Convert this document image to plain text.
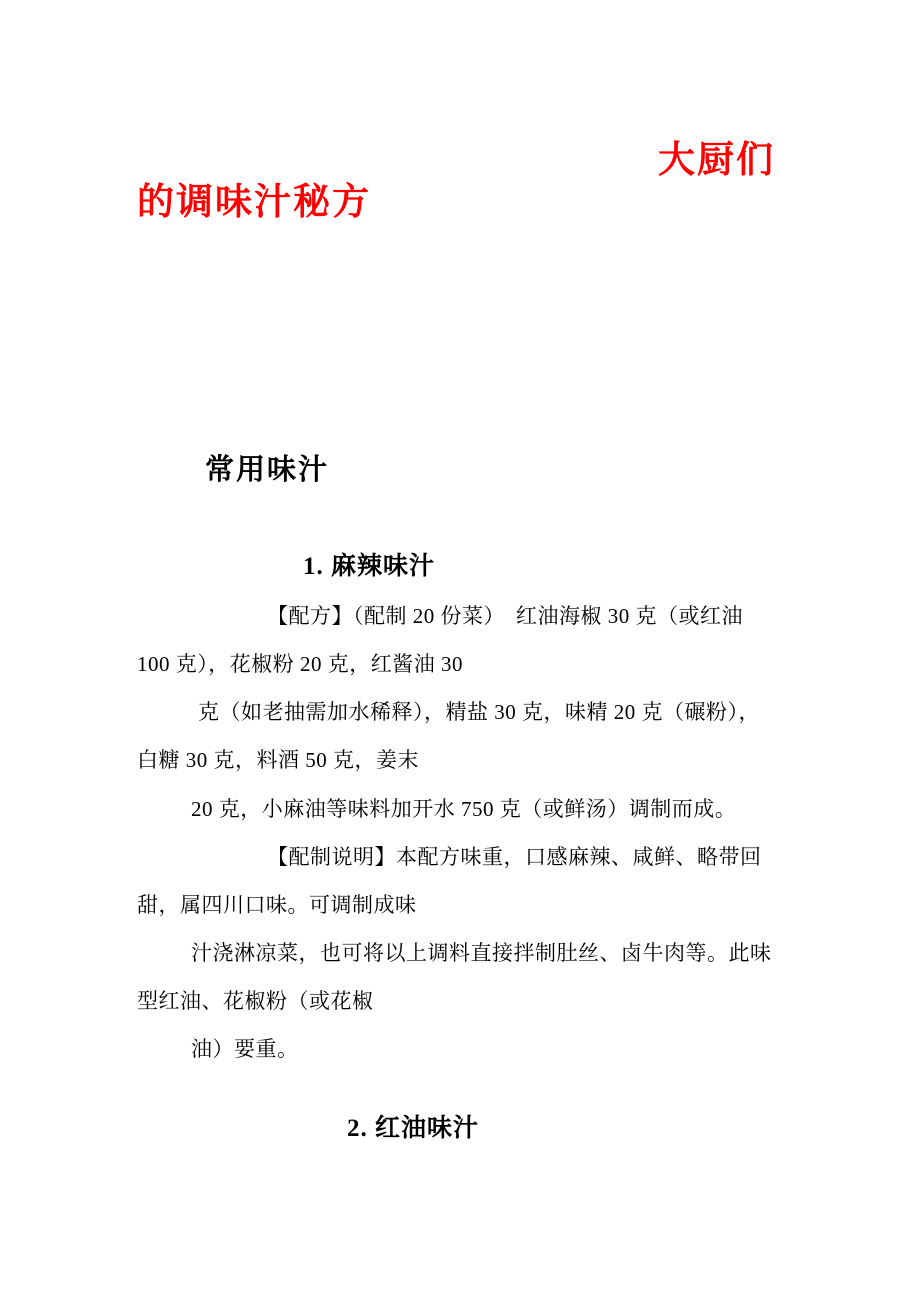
大厨们
的调味汁秘方
常用味汁
1. 麻辣味汁
【配方】（配制 20 份菜）　红油海椒 30 克（或红油
100 克），花椒粉 20 克，红酱油 30
克（如老抽需加水稀释），精盐 30 克，味精 20 克（碾粉），
白糖 30 克，料酒 50 克，姜末
20 克，小麻油等味料加开水 750 克（或鲜汤）调制而成。
【配制说明】本配方味重，口感麻辣、咸鲜、略带回
甜，属四川口味。可调制成味
汁浇淋凉菜，也可将以上调料直接拌制肚丝、卤牛肉等。此味
型红油、花椒粉（或花椒
油）要重。
2. 红油味汁
